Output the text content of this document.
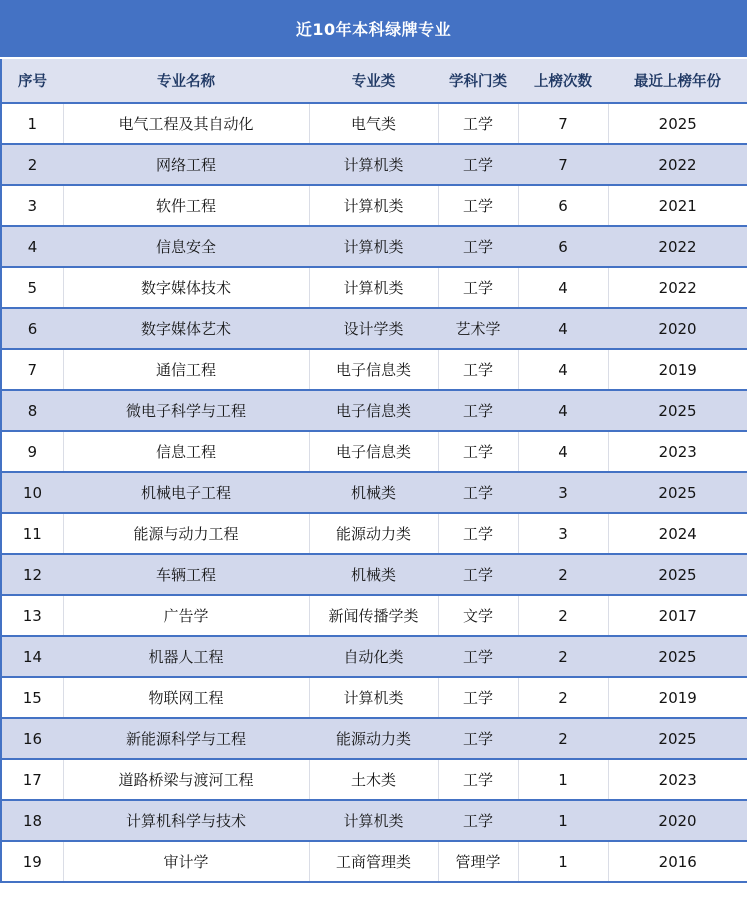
近10年本科绿牌专业
序号	专业名称	专业类	学科门类	上榜次数	最近上榜年份
1	电气工程及其自动化	电气类	工学	7	2025
2	网络工程	计算机类	工学	7	2022
3	软件工程	计算机类	工学	6	2021
4	信息安全	计算机类	工学	6	2022
5	数字媒体技术	计算机类	工学	4	2022
6	数字媒体艺术	设计学类	艺术学	4	2020
7	通信工程	电子信息类	工学	4	2019
8	微电子科学与工程	电子信息类	工学	4	2025
9	信息工程	电子信息类	工学	4	2023
10	机械电子工程	机械类	工学	3	2025
11	能源与动力工程	能源动力类	工学	3	2024
12	车辆工程	机械类	工学	2	2025
13	广告学	新闻传播学类	文学	2	2017
14	机器人工程	自动化类	工学	2	2025
15	物联网工程	计算机类	工学	2	2019
16	新能源科学与工程	能源动力类	工学	2	2025
17	道路桥梁与渡河工程	土木类	工学	1	2023
18	计算机科学与技术	计算机类	工学	1	2020
19	审计学	工商管理类	管理学	1	2016
